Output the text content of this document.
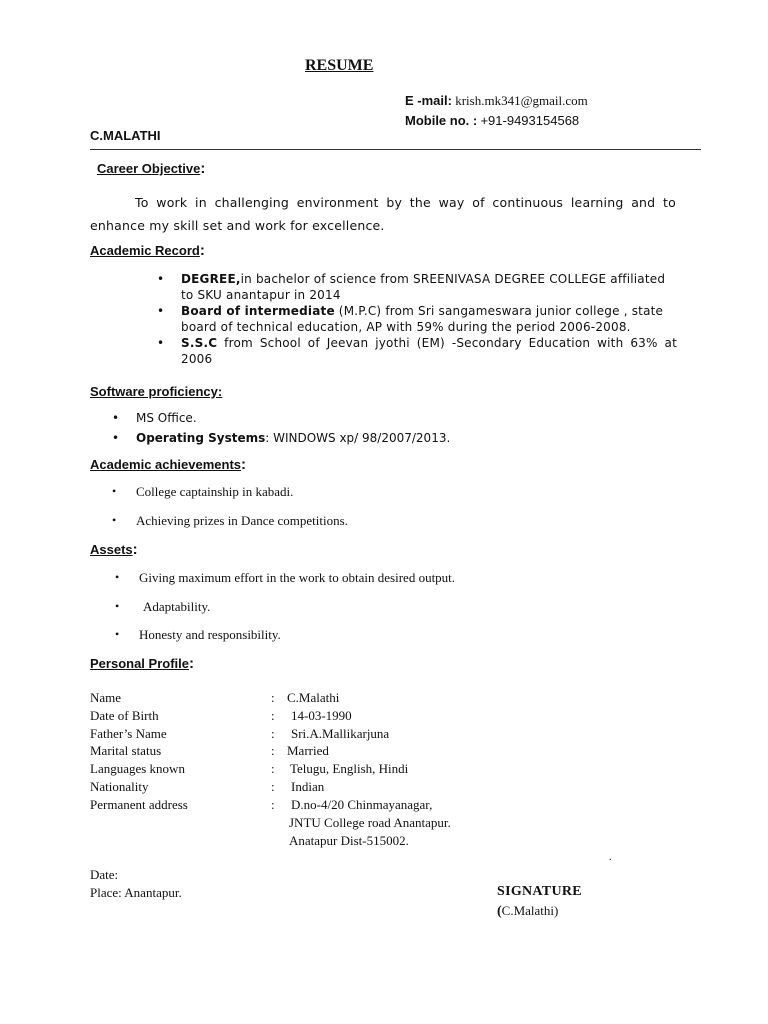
RESUME
E -mail: krish.mk341@gmail.com
Mobile no. : +91-9493154568
C.MALATHI
Career Objective:
To work in challenging environment by the way of continuous learning and to enhance my skill set and work for excellence.
Academic Record:
• DEGREE,in bachelor of science from SREENIVASA DEGREE COLLEGE affiliated to SKU anantapur in 2014
• Board of intermediate (M.P.C) from Sri sangameswara junior college , state board of technical education, AP with 59% during the period 2006-2008.
• S.S.C from School of Jeevan jyothi (EM) -Secondary Education with 63% at 2006
Software proficiency:
• MS Office.
• Operating Systems: WINDOWS xp/ 98/2007/2013.
Academic achievements:
• College captainship in kabadi.
• Achieving prizes in Dance competitions.
Assets:
• Giving maximum effort in the work to obtain desired output.
• Adaptability.
• Honesty and responsibility.
Personal Profile:
Name	: C.Malathi
Date of Birth	: 14-03-1990
Father’s Name	: Sri.A.Mallikarjuna
Marital status	: Married
Languages known	: Telugu, English, Hindi
Nationality	: Indian
Permanent address	: D.no-4/20 Chinmayanagar,
JNTU College road Anantapur.
Anatapur Dist-515002.
.
Date:
Place: Anantapur.	SIGNATURE
(C.Malathi)
